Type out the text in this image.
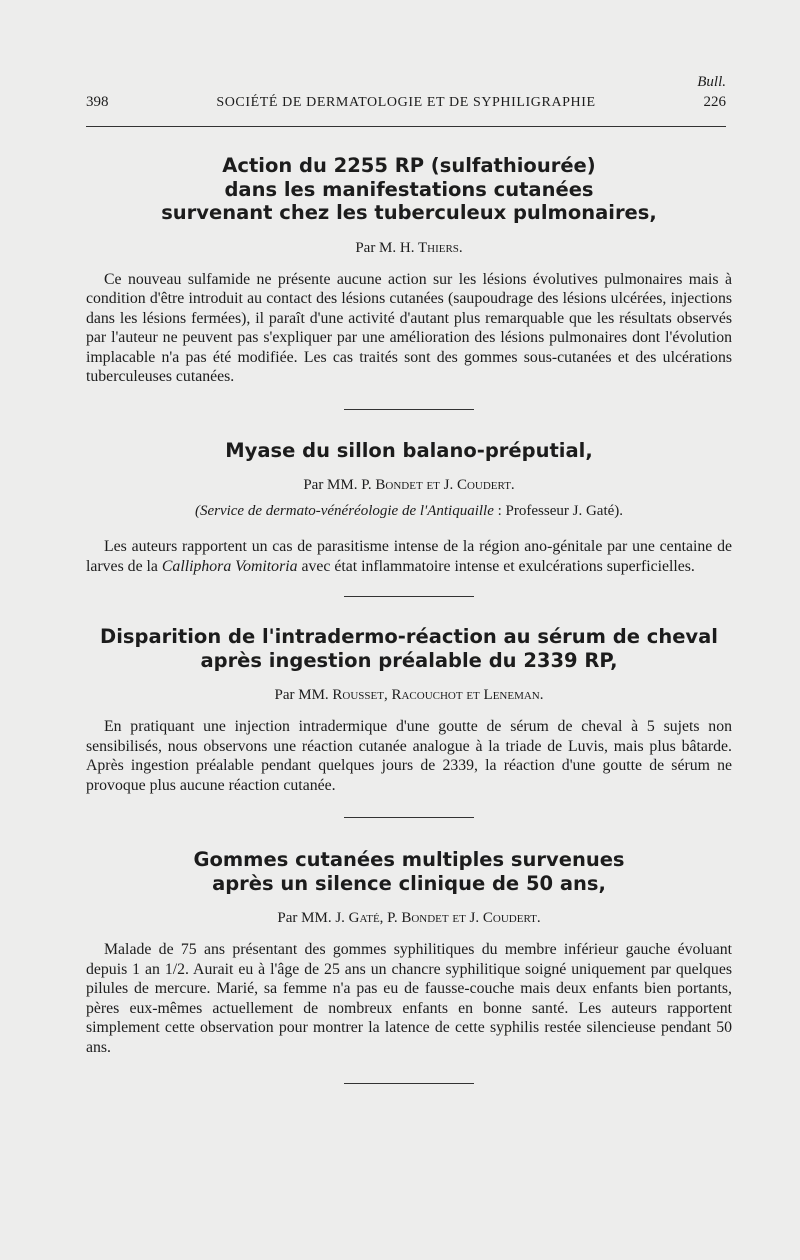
Bull.
398	SOCIÉTÉ DE DERMATOLOGIE ET DE SYPHILIGRAPHIE	226
Action du 2255 RP (sulfathiourée)
dans les manifestations cutanées
survenant chez les tuberculeux pulmonaires,

Par M. H. Thiers.

Ce nouveau sulfamide ne présente aucune action sur les lésions évolutives pulmonaires mais à condition d'être introduit au contact des lésions cutanées (saupoudrage des lésions ulcérées, injections dans les lésions fermées), il paraît d'une activité d'autant plus remarquable que les résultats observés par l'auteur ne peuvent pas s'expliquer par une amélioration des lésions pulmonaires dont l'évolution implacable n'a pas été modifiée. Les cas traités sont des gommes sous-cutanées et des ulcérations tuberculeuses cutanées.

Myase du sillon balano-préputial,

Par MM. P. Bondet et J. Coudert.

(Service de dermato-vénéréologie de l'Antiquaille : Professeur J. Gaté).

Les auteurs rapportent un cas de parasitisme intense de la région ano-génitale par une centaine de larves de la Calliphora Vomitoria avec état inflammatoire intense et exulcérations superficielles.

Disparition de l'intradermo-réaction au sérum de cheval
après ingestion préalable du 2339 RP,

Par MM. Rousset, Racouchot et Leneman.

En pratiquant une injection intradermique d'une goutte de sérum de cheval à 5 sujets non sensibilisés, nous observons une réaction cutanée analogue à la triade de Luvis, mais plus bâtarde. Après ingestion préalable pendant quelques jours de 2339, la réaction d'une goutte de sérum ne provoque plus aucune réaction cutanée.

Gommes cutanées multiples survenues
après un silence clinique de 50 ans,

Par MM. J. Gaté, P. Bondet et J. Coudert.

Malade de 75 ans présentant des gommes syphilitiques du membre inférieur gauche évoluant depuis 1 an 1/2. Aurait eu à l'âge de 25 ans un chancre syphilitique soigné uniquement par quelques pilules de mercure. Marié, sa femme n'a pas eu de fausse-couche mais deux enfants bien portants, pères eux-mêmes actuellement de nombreux enfants en bonne santé. Les auteurs rapportent simplement cette observation pour montrer la latence de cette syphilis restée silencieuse pendant 50 ans.
